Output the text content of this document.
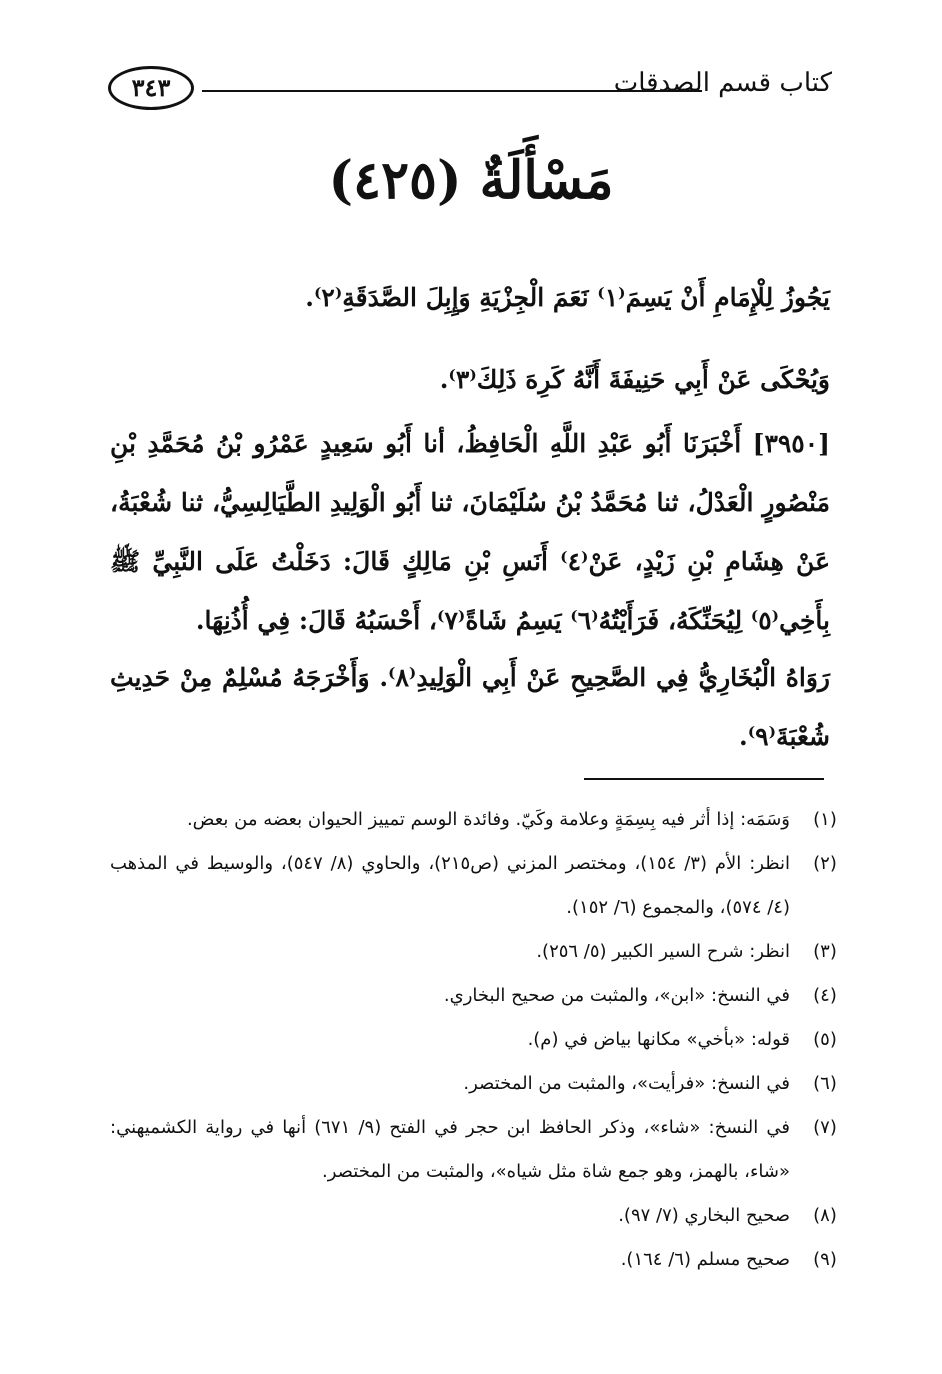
كتاب قسم الصدقات
٣٤٣
مَسْأَلَةٌ (٤٢٥)
يَجُوزُ لِلْإِمَامِ أَنْ يَسِمَ⁽١⁾ نَعَمَ الْجِزْيَةِ وَإِبِلَ الصَّدَقَةِ⁽٢⁾.
وَيُحْكَى عَنْ أَبِي حَنِيفَةَ أَنَّهُ كَرِهَ ذَلِكَ⁽٣⁾.
[٣٩٥٠] أَخْبَرَنَا أَبُو عَبْدِ اللَّهِ الْحَافِظُ، أنا أَبُو سَعِيدٍ عَمْرُو بْنُ مُحَمَّدِ بْنِ مَنْصُورٍ الْعَدْلُ، ثنا مُحَمَّدُ بْنُ سُلَيْمَانَ، ثنا أَبُو الْوَلِيدِ الطَّيَالِسِيُّ، ثنا شُعْبَةُ، عَنْ هِشَامِ بْنِ زَيْدٍ، عَنْ⁽٤⁾ أَنَسِ بْنِ مَالِكٍ قَالَ: دَخَلْتُ عَلَى النَّبِيِّ ﷺ بِأَخِي⁽٥⁾ لِيُحَنِّكَهُ، فَرَأَيْتُهُ⁽٦⁾ يَسِمُ شَاةً⁽٧⁾، أَحْسَبُهُ قَالَ: فِي أُذُنِهَا.
رَوَاهُ الْبُخَارِيُّ فِي الصَّحِيحِ عَنْ أَبِي الْوَلِيدِ⁽٨⁾. وَأَخْرَجَهُ مُسْلِمٌ مِنْ حَدِيثِ شُعْبَةَ⁽٩⁾.
(١)
وَسَمَه: إذا أثر فيه بِسِمَةٍ وعلامة وكَيّ. وفائدة الوسم تمييز الحيوان بعضه من بعض.
(٢)
انظر: الأم (٣/ ١٥٤)، ومختصر المزني (ص٢١٥)، والحاوي (٨/ ٥٤٧)، والوسيط في المذهب (٤/ ٥٧٤)، والمجموع (٦/ ١٥٢).
(٣)
انظر: شرح السير الكبير (٥/ ٢٥٦).
(٤)
في النسخ: «ابن»، والمثبت من صحيح البخاري.
(٥)
قوله: «بأخي» مكانها بياض في (م).
(٦)
في النسخ: «فرأيت»، والمثبت من المختصر.
(٧)
في النسخ: «شاء»، وذكر الحافظ ابن حجر في الفتح (٩/ ٦٧١) أنها في رواية الكشميهني: «شاء، بالهمز، وهو جمع شاة مثل شياه»، والمثبت من المختصر.
(٨)
صحيح البخاري (٧/ ٩٧).
(٩)
صحيح مسلم (٦/ ١٦٤).
